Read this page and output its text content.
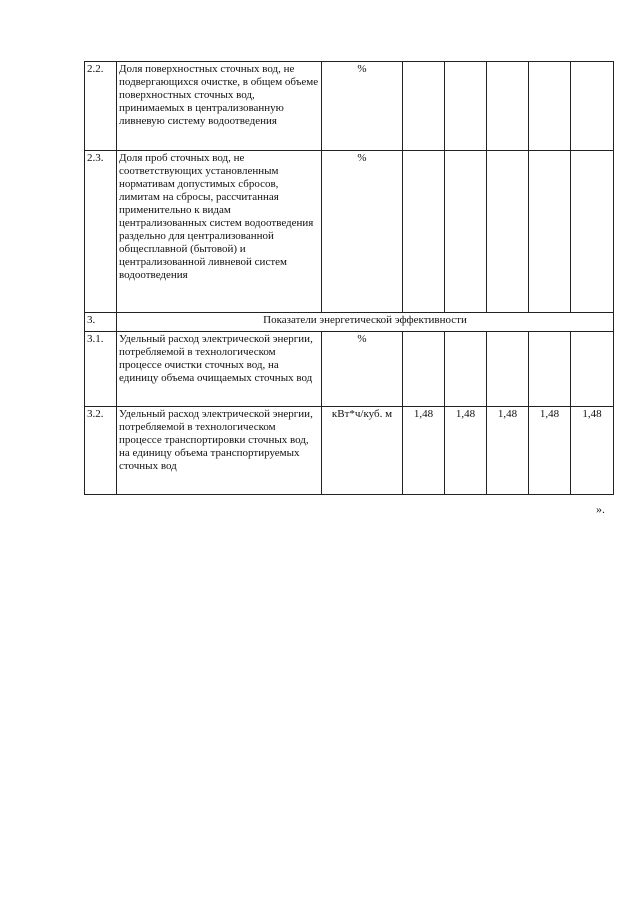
2.2.	Доля поверхностных сточных вод, не подвергающихся очистке, в общем объеме поверхностных сточных вод, принимаемых в централизованную ливневую систему водоотведения	%					
2.3.	Доля проб сточных вод, не соответствующих установленным нормативам допустимых сбросов, лимитам на сбросы, рассчитанная применительно к видам централизованных систем водоотведения раздельно для централизованной общесплавной (бытовой) и централизованной ливневой систем водоотведения	%					
3.	Показатели энергетической эффективности						
3.1.	Удельный расход электрической энергии, потребляемой в технологическом процессе очистки сточных вод, на единицу объема очищаемых сточных вод	%					
3.2.	Удельный расход электрической энергии, потребляемой в технологическом процессе транспортировки сточных вод, на единицу объема транспортируемых сточных вод	кВт*ч/куб. м	1,48	1,48	1,48	1,48	1,48
».
